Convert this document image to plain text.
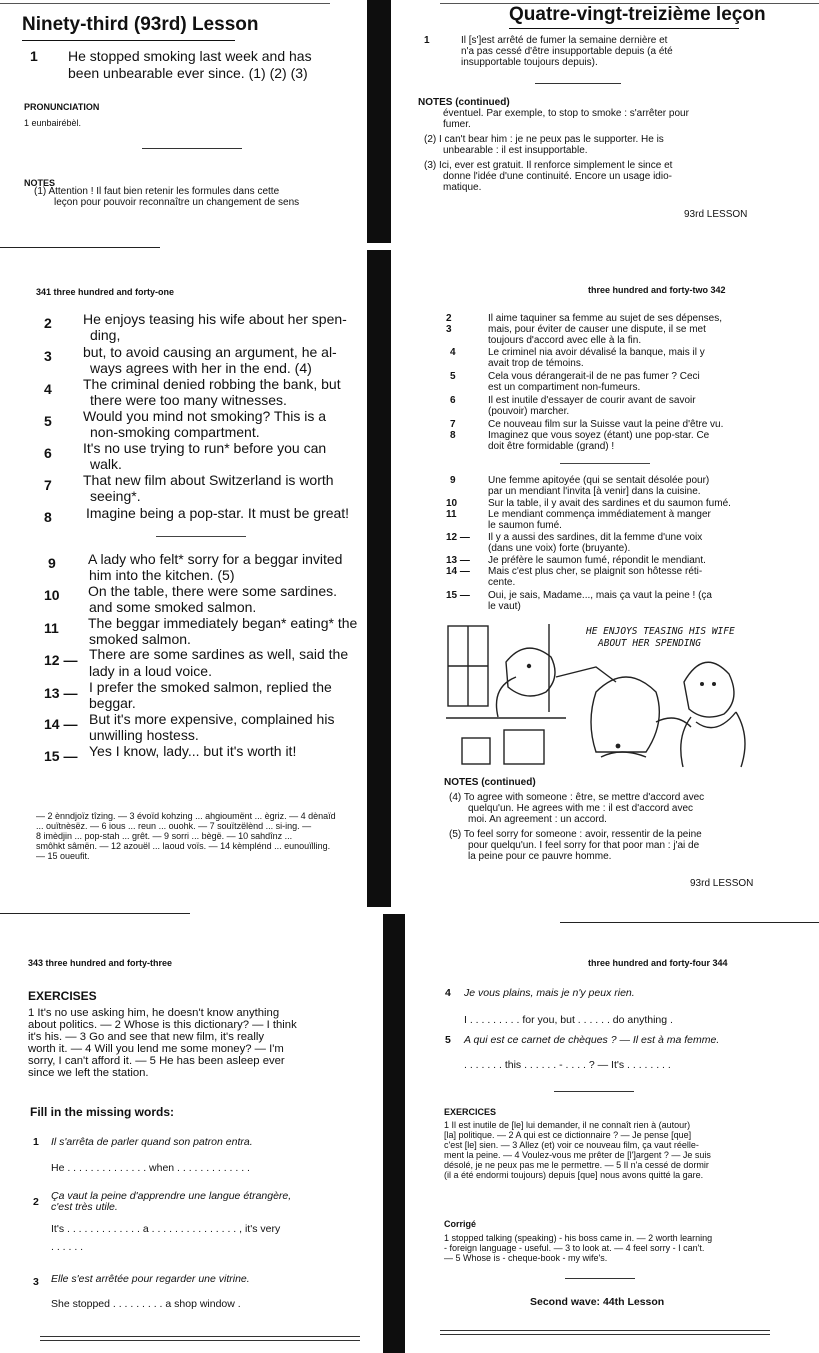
Ninety-third (93rd) Lesson
1 He stopped smoking last week and has
been unbearable ever since. (1) (2) (3)
PRONUNCIATION
1 eunbairébèl.
NOTES
(1) Attention ! Il faut bien retenir les formules dans cette
leçon pour pouvoir reconnaître un changement de sens
Quatre-vingt-treizième leçon
1	Il [s']est arrêté de fumer la semaine dernière et
n'a pas cessé d'être insupportable depuis (a été
insupportable toujours depuis).
NOTES (continued)
éventuel. Par exemple, to stop to smoke : s'arrêter pour
fumer.
(2) I can't bear him : je ne peux pas le supporter. He is
unbearable : il est insupportable.
(3) Ici, ever est gratuit. Il renforce simplement le since et
donne l'idée d'une continuité. Encore un usage idio-
matique.
93rd LESSON
341 three hundred and forty-one
2 He enjoys teasing his wife about her spen-
ding,
3 but, to avoid causing an argument, he al-
ways agrees with her in the end. (4)
4 The criminal denied robbing the bank, but
there were too many witnesses.
5 Would you mind not smoking? This is a
non-smoking compartment.
6 It's no use trying to run* before you can
walk.
7 That new film about Switzerland is worth
seeing*.
8 Imagine being a pop-star. It must be great!
9 A lady who felt* sorry for a beggar invited
him into the kitchen. (5)
10 On the table, there were some sardines.
and some smoked salmon.
11 The beggar immediately began* eating* the
smoked salmon.
12 — There are some sardines as well, said the
lady in a loud voice.
13 — I prefer the smoked salmon, replied the
beggar.
14 — But it's more expensive, complained his
unwilling hostess.
15 — Yes I know, lady... but it's worth it!
— 2 ènndjoïz tîzing. — 3 évoïd kohzing ... ahgioumënt ... ègriz. — 4 dènaïd
... ouïtnèsëz. — 6 ious ... reun ... ouohk. — 7 souïtzëlènd ... si-ing. —
8 imèdjin ... pop-stah ... grêt. — 9 sorri ... bègë. — 10 sahdînz ...
smôhkt sâmën. — 12 azouël ... laoud voïs. — 14 kèmplénd ... eunouïlling.
— 15 oueufit.
three hundred and forty-two 342
2	Il aime taquiner sa femme au sujet de ses dépenses,
3	mais, pour éviter de causer une dispute, il se met
toujours d'accord avec elle à la fin.
4	Le criminel nia avoir dévalisé la banque, mais il y
avait trop de témoins.
5	Cela vous dérangerait-il de ne pas fumer ? Ceci
est un compartiment non-fumeurs.
6	Il est inutile d'essayer de courir avant de savoir
(pouvoir) marcher.
7	Ce nouveau film sur la Suisse vaut la peine d'être vu.
8	Imaginez que vous soyez (étant) une pop-star. Ce
doit être formidable (grand) !
9	Une femme apitoyée (qui se sentait désolée pour)
par un mendiant l'invita [à venir] dans la cuisine.
10	Sur la table, il y avait des sardines et du saumon fumé.
11	Le mendiant commença immédiatement à manger
le saumon fumé.
12 — Il y a aussi des sardines, dit la femme d'une voix
(dans une voix) forte (bruyante).
13 — Je préfère le saumon fumé, répondit le mendiant.
14 — Mais c'est plus cher, se plaignit son hôtesse réti-
cente.
15 — Oui, je sais, Madame..., mais ça vaut la peine ! (ça
le vaut)
HE ENJOYS TEASING HIS WIFE
ABOUT HER SPENDING
NOTES (continued)
(4) To agree with someone : être, se mettre d'accord avec
quelqu'un. He agrees with me : il est d'accord avec
moi. An agreement : un accord.
(5) To feel sorry for someone : avoir, ressentir de la peine
pour quelqu'un. I feel sorry for that poor man : j'ai de
la peine pour ce pauvre homme.
93rd LESSON
343 three hundred and forty-three
EXERCISES
1 It's no use asking him, he doesn't know anything
about politics. — 2 Whose is this dictionary? — I think
it's his. — 3 Go and see that new film, it's really
worth it. — 4 Will you lend me some money? — I'm
sorry, I can't afford it. — 5 He has been asleep ever
since we left the station.
Fill in the missing words:
1 Il s'arrêta de parler quand son patron entra.
He . . . . . . . . . . . . . . when . . . . . . . . . . . . .
2 Ça vaut la peine d'apprendre une langue étrangère,
c'est très utile.
It's . . . . . . . . . . . . . a . . . . . . . . . . . . . . . , it's very
. . . . . .
3 Elle s'est arrêtée pour regarder une vitrine.
She stopped . . . . . . . . . a shop window .
three hundred and forty-four 344
4 Je vous plains, mais je n'y peux rien.
I . . . . . . . . . for you, but . . . . . . do anything .
5 A qui est ce carnet de chèques ? — Il est à ma femme.
. . . . . . . this . . . . . . - . . . . ? — It's . . . . . . . .
EXERCICES
1 Il est inutile de [le] lui demander, il ne connaît rien à (autour)
[la] politique. — 2 A qui est ce dictionnaire ? — Je pense [que]
c'est [le] sien. — 3 Allez (et) voir ce nouveau film, ça vaut réelle-
ment la peine. — 4 Voulez-vous me prêter de [l']argent ? — Je suis
désolé, je ne peux pas me le permettre. — 5 Il n'a cessé de dormir
(il a été endormi toujours) depuis [que] nous avons quitté la gare.
Corrigé
1 stopped talking (speaking) - his boss came in. — 2 worth learning
- foreign language - useful. — 3 to look at. — 4 feel sorry - I can't.
— 5 Whose is - cheque-book - my wife's.
Second wave: 44th Lesson
